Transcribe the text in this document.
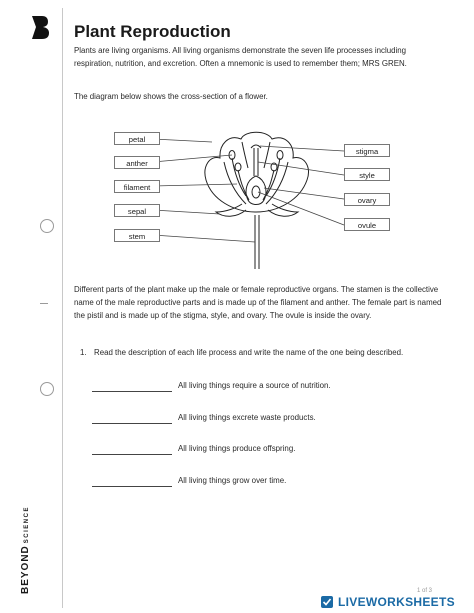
BEYONDSCIENCE
Plant Reproduction

Plants are living organisms. All living organisms demonstrate the seven life processes including respiration, nutrition, and excretion. Often a mnemonic is used to remember them; MRS GREN.

The diagram below shows the cross-section of a flower.

petal
anther
filament
sepal
stem
stigma
style
ovary
ovule

Different parts of the plant make up the male or female reproductive organs. The stamen is the collective name of the male reproductive parts and is made up of the filament and anther. The female part is named the pistil and is made up of the stigma, style, and ovary. The ovule is inside the ovary.

1. Read the description of each life process and write the name of the one being described.
All living things require a source of nutrition.
All living things excrete waste products.
All living things produce offspring.
All living things grow over time.
1 of 3
LIVEWORKSHEETS
